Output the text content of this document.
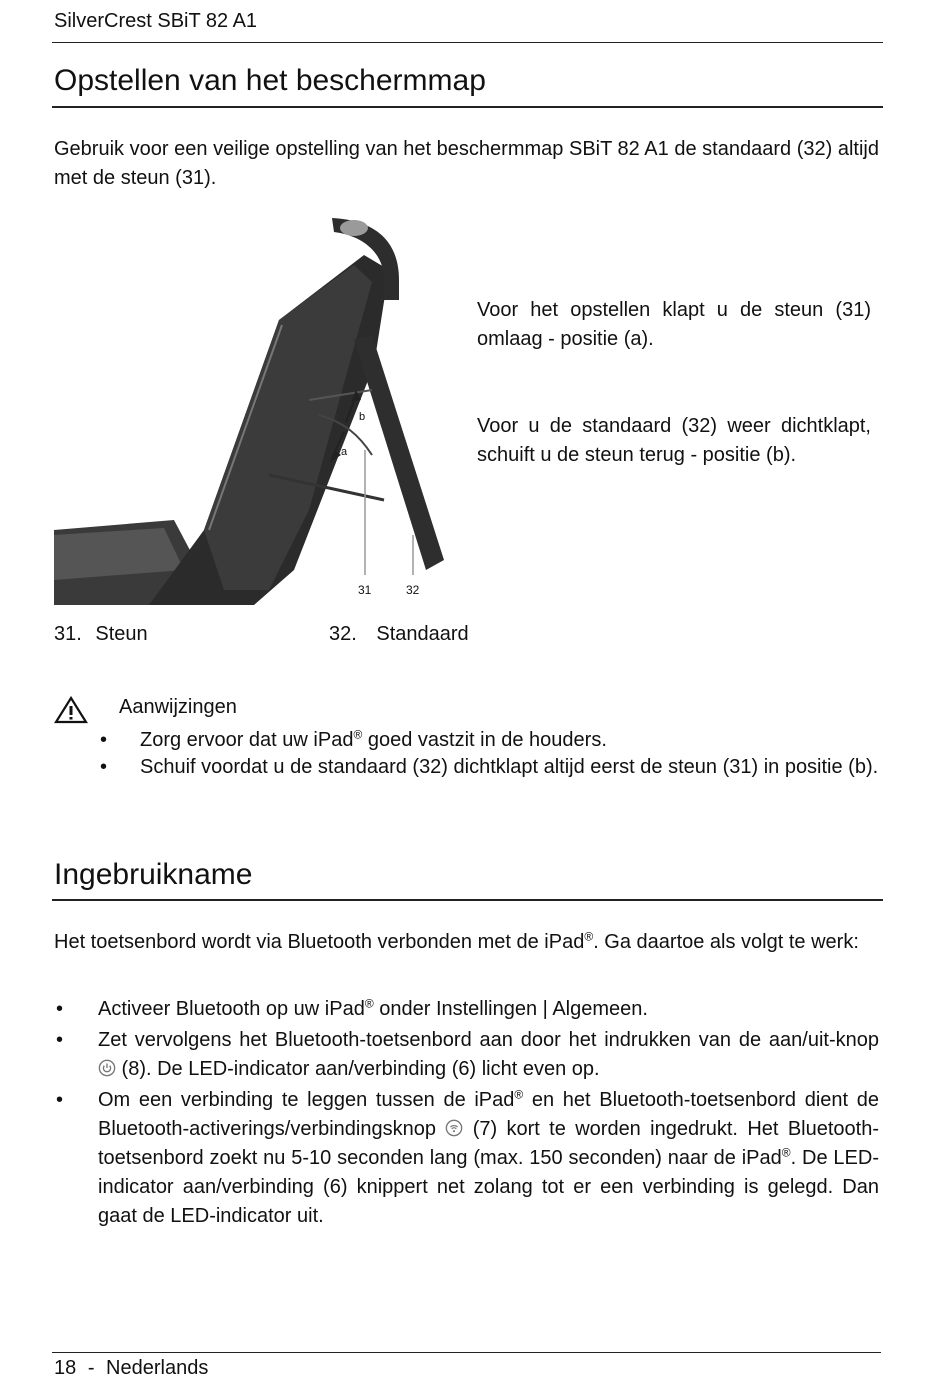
SilverCrest SBiT 82 A1
Opstellen van het beschermmap
Gebruik voor een veilige opstelling van het beschermmap SBiT 82 A1 de standaard (32) altijd met de steun (31).
b
a
31	32
Voor het opstellen klapt u de steun (31) omlaag - positie (a).
Voor u de standaard (32) weer dichtklapt, schuift u de steun terug - positie (b).
31. Steun	32. Standaard
Aanwijzingen
• Zorg ervoor dat uw iPad® goed vastzit in de houders.
• Schuif voordat u de standaard (32) dichtklapt altijd eerst de steun (31) in positie (b).
Ingebruikname
Het toetsenbord wordt via Bluetooth verbonden met de iPad®. Ga daartoe als volgt te werk:
• Activeer Bluetooth op uw iPad® onder Instellingen | Algemeen.
• Zet vervolgens het Bluetooth-toetsenbord aan door het indrukken van de aan/uit-knop  (8). De LED-indicator aan/verbinding (6) licht even op.
• Om een verbinding te leggen tussen de iPad® en het Bluetooth-toetsenbord dient de Bluetooth-activerings/verbindingsknop  (7) kort te worden ingedrukt. Het Bluetooth-toetsenbord zoekt nu 5-10 seconden lang (max. 150 seconden) naar de iPad®. De LED-indicator aan/verbinding (6) knippert net zolang tot er een verbinding is gelegd. Dan gaat de LED-indicator uit.
18 - Nederlands
